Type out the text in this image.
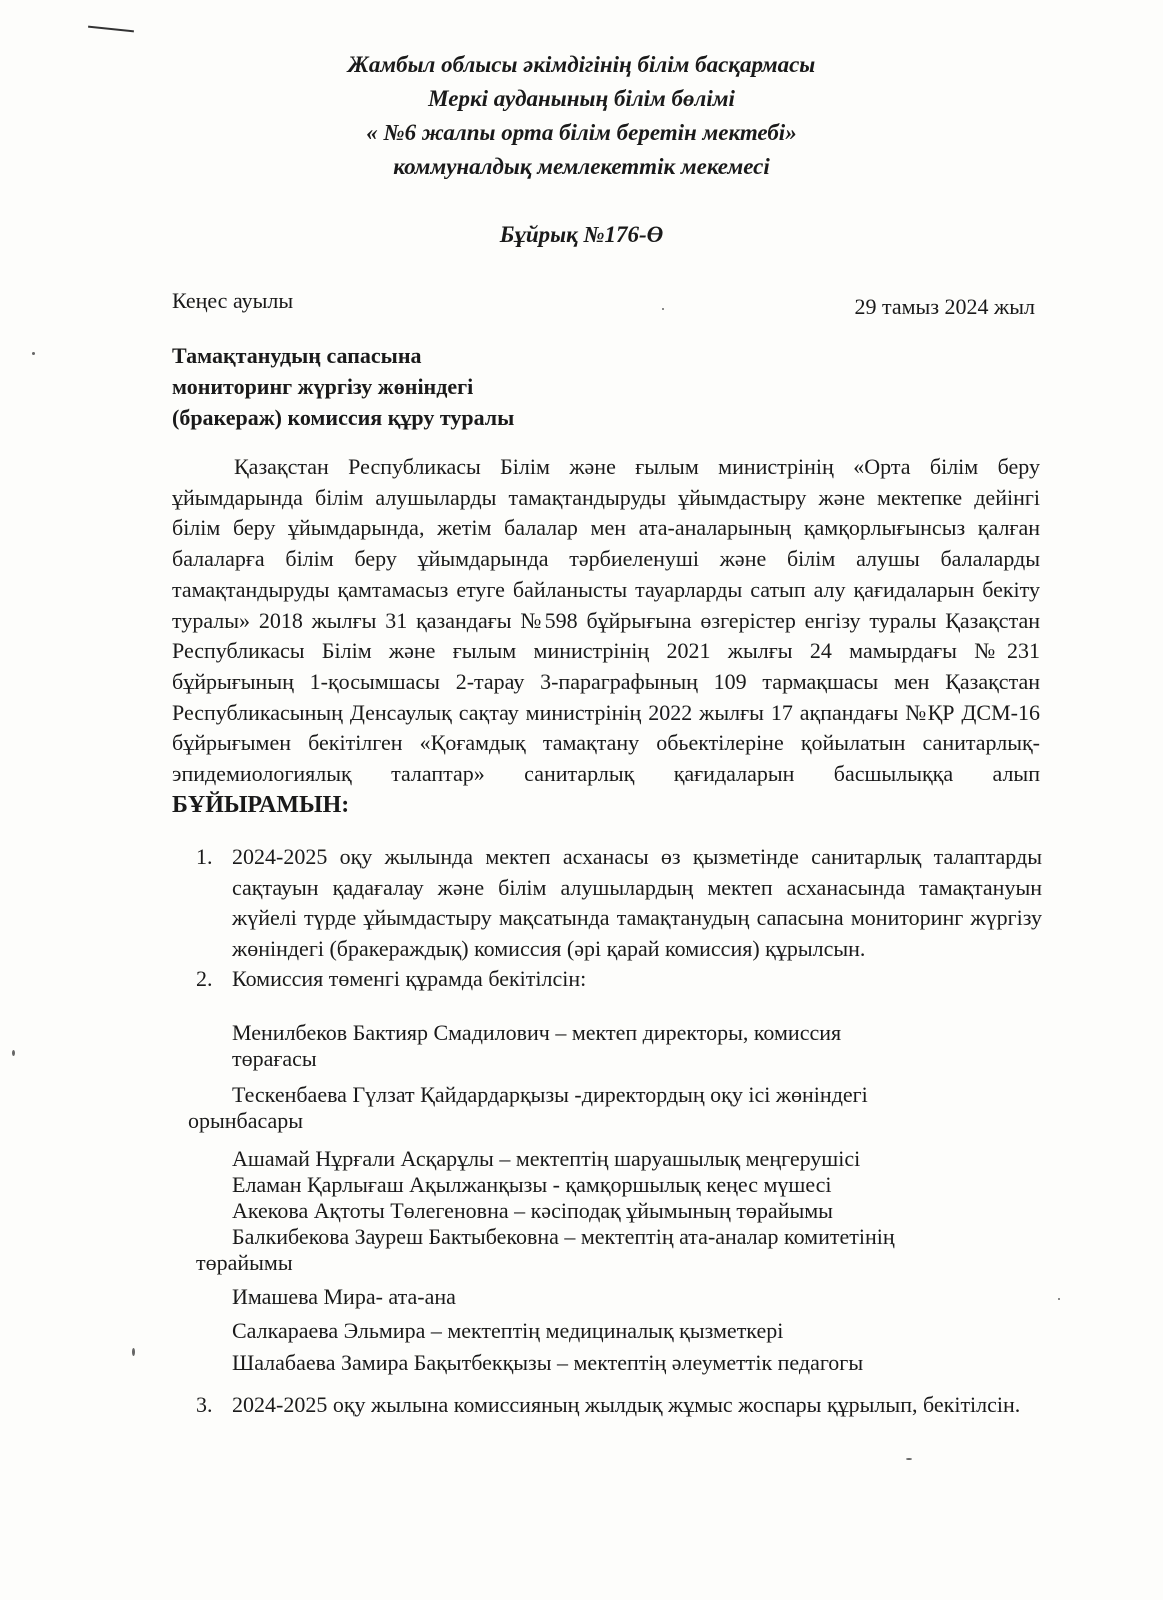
Жамбыл облысы әкімдігінің білім басқармасы
Меркі ауданының білім бөлімі
« №6 жалпы орта білім беретін мектебі»
коммуналдық мемлекеттік мекемесі
Бұйрық №176-Ө
Кеңес ауылы	29 тамыз 2024 жыл
Тамақтанудың сапасына
мониторинг жүргізу жөніндегі
(бракераж) комиссия құру туралы
Қазақстан Республикасы Білім және ғылым министрінің «Орта білім беру ұйымдарында білім алушыларды тамақтандыруды ұйымдастыру және мектепке дейінгі білім беру ұйымдарында, жетім балалар мен ата-аналарының қамқорлығынсыз қалған балаларға білім беру ұйымдарында тәрбиеленуші және білім алушы балаларды тамақтандыруды қамтамасыз етуге байланысты тауарларды сатып алу қағидаларын бекіту туралы» 2018 жылғы 31 қазандағы №598 бұйрығына өзгерістер енгізу туралы Қазақстан Республикасы Білім және ғылым министрінің 2021 жылғы 24 мамырдағы №231 бұйрығының 1-қосымшасы 2-тарау 3-параграфының 109 тармақшасы мен Қазақстан Республикасының Денсаулық сақтау министрінің 2022 жылғы 17 ақпандағы №ҚР ДСМ-16 бұйрығымен бекітілген «Қоғамдық тамақтану обьектілеріне қойылатын санитарлық- эпидемиологиялық талаптар» санитарлық қағидаларын басшылыққа алып БҰЙЫРАМЫН:
1. 2024-2025 оқу жылында мектеп асханасы өз қызметінде санитарлық талаптарды сақтауын қадағалау және білім алушылардың мектеп асханасында тамақтануын жүйелі түрде ұйымдастыру мақсатында тамақтанудың сапасына мониторинг жүргізу жөніндегі (бракераждық) комиссия (әрі қарай комиссия) құрылсын.
2. Комиссия төменгі құрамда бекітілсін:
Менилбеков Бактияр Смадилович – мектеп директоры, комиссия
төрағасы
Тескенбаева Гүлзат Қайдардарқызы -директордың оқу ісі жөніндегі
орынбасары
Ашамай Нұрғали Асқарұлы – мектептің шаруашылық меңгерушісі
Еламан Қарлығаш Ақылжанқызы - қамқоршылық кеңес мүшесі
Акекова Ақтоты Төлегеновна – кәсіподақ ұйымының төрайымы
Балкибекова Зауреш Бактыбековна – мектептің ата-аналар комитетінің
төрайымы
Имашева Мира- ата-ана
Салкараева Эльмира – мектептің медициналық қызметкері
Шалабаева Замира Бақытбекқызы – мектептің әлеуметтік педагогы
3. 2024-2025 оқу жылына комиссияның жылдық жұмыс жоспары құрылып, бекітілсін.
